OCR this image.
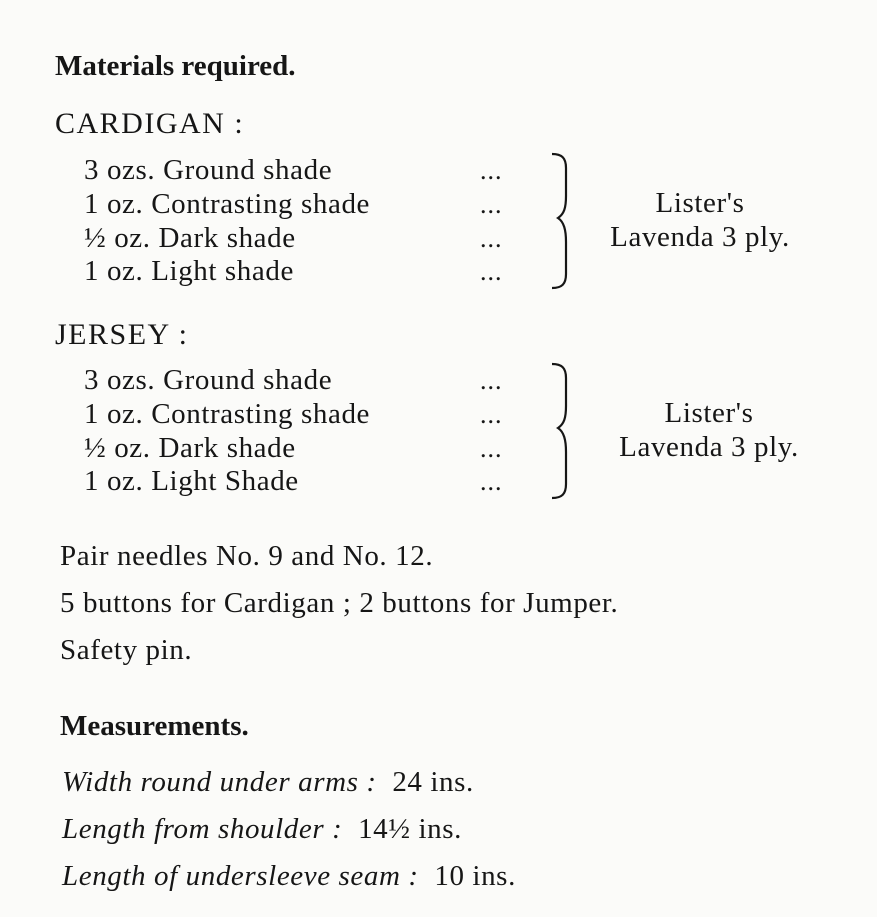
Materials required.
CARDIGAN :
3 ozs. Ground shade
1 oz. Contrasting shade
½ oz. Dark shade
1 oz. Light shade
...
...
...
...
Lister's
Lavenda 3 ply.
JERSEY :
3 ozs. Ground shade
1 oz. Contrasting shade
½ oz. Dark shade
1 oz. Light Shade
...
...
...
...
Lister's
Lavenda 3 ply.
Pair needles No. 9 and No. 12.
5 buttons for Cardigan ; 2 buttons for Jumper.
Safety pin.
Measurements.
Width round under arms : 24 ins.
Length from shoulder : 14½ ins.
Length of undersleeve seam : 10 ins.
